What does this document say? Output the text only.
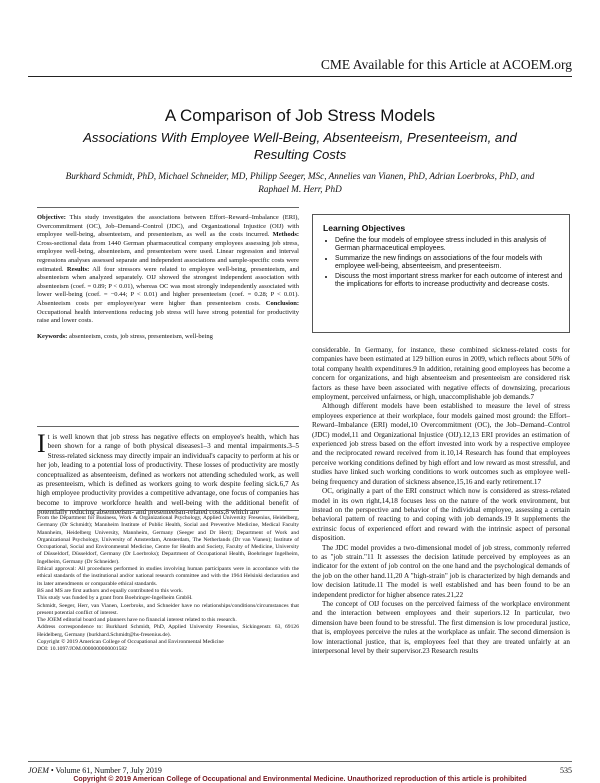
CME Available for this Article at ACOEM.org
A Comparison of Job Stress Models
Associations With Employee Well-Being, Absenteeism, Presenteeism, and Resulting Costs
Burkhard Schmidt, PhD, Michael Schneider, MD, Philipp Seeger, MSc, Annelies van Vianen, PhD, Adrian Loerbroks, PhD, and Raphael M. Herr, PhD
Objective: This study investigates the associations between Effort–Reward–Imbalance (ERI), Overcommitment (OC), Job–Demand–Control (JDC), and Organizational Injustice (OIJ) with employee well-being, absenteeism, and presenteeism, as well as the costs incurred. Methods: Cross-sectional data from 1440 German pharmaceutical company employees assessing job stress, employee well-being, absenteeism, and presenteeism were used. Linear regression and interval regressions analyses assessed separate and independent associations and sample-specific costs were estimated. Results: All four stressors were related to employee well-being, presenteeism, and absenteeism when analyzed separately. OIJ showed the strongest independent association with absenteeism (coef. = 0.89; P < 0.01), whereas OC was most strongly independently associated with lower well-being (coef. = −0.44; P < 0.01) and higher presenteeism (coef. = 0.28; P < 0.01). Absenteeism costs per employee/year were higher than presenteeism costs. Conclusion: Occupational health interventions reducing job stress will have strong potential for productivity raise and lower costs.
Keywords: absenteeism, costs, job stress, presenteeism, well-being
It is well known that job stress has negative effects on employee's health, which has been shown for a range of both physical diseases1–3 and mental impairments.3–5 Stress-related sickness may directly impair an individual's capacity to perform at his or her job, leading to a potential loss of productivity. These losses of productivity are mostly conceptualized as absenteeism, defined as workers not attending scheduled work, as well as presenteeism, which is defined as workers going to work despite feeling sick.6,7 As high employee productivity provides a competitive advantage, one focus of companies has become to improve workforce health and well-being with the additional benefit of potentially reducing absenteeism- and presenteeism-related costs,8 which are
From the Department for Business, Work & Organizational Psychology, Applied University Fresenius, Heidelberg, Germany (Dr Schmidt); Mannheim Institute of Public Health, Social and Preventive Medicine, Medical Faculty Mannheim, Heidelberg University, Mannheim, Germany (Seeger and Dr Herr); Department of Work and Organizational Psychology, University of Amsterdam, Amsterdam, The Netherlands (Dr van Vianen); Institute of Occupational, Social and Environmental Medicine, Centre for Health and Society, Faculty of Medicine, University of Düsseldorf, Düsseldorf, Germany (Dr Loerbroks); Department of Occupational Health, Boehringer Ingelheim, Ingelheim, Germany (Dr Schneider).
Ethical approval: All procedures performed in studies involving human participants were in accordance with the ethical standards of the institutional and/or national research committee and with the 1964 Helsinki declaration and its later amendments or comparable ethical standards.
BS and MS are first authors and equally contributed to this work.
This study was funded by a grant from Boehringer-Ingelheim GmbH.
Schmidt, Seeger, Herr, van Vianen, Loerbroks, and Schneider have no relationships/conditions/circumstances that present potential conflict of interest.
The JOEM editorial board and planners have no financial interest related to this research.
Address correspondence to: Burkhard Schmidt, PhD, Applied University Fresenius, Sickingenstr. 63, 69126 Heidelberg, Germany (burkhard.Schmidt@hs-fresenius.de).
Copyright © 2019 American College of Occupational and Environmental Medicine
DOI: 10.1097/JOM.0000000000001582
Learning Objectives
• Define the four models of employee stress included in this analysis of German pharmaceutical employees.
• Summarize the new findings on associations of the four models with employee well-being, absenteeism, and presenteeism.
• Discuss the most important stress marker for each outcome of interest and the implications for efforts to increase productivity and decrease costs.

considerable. In Germany, for instance, these combined sickness-related costs for companies have been estimated at 129 billion euros in 2009, which reflects about 50% of total company health expenditures.9 In addition, retaining good employees has become a concern for organizations, and high absenteeism and presenteeism are considered risk factors as these have been associated with negative effects of downsizing, precarious employment, perceived unfairness, or high, unaccomplishable job demands.7

Although different models have been established to measure the level of stress employees experience at their workplace, four models gained most ground: the Effort–Reward–Imbalance (ERI) model,10 Overcommitment (OC), the Job–Demand–Control (JDC) model,11 and Organizational Injustice (OIJ).12,13 ERI provides an estimation of experienced job stress based on the effort invested into work by a respective employee and the reciprocated reward received from it.10,14 Research has found that employees perceive working conditions defined by high effort and low reward as most stressful, and studies have linked such working conditions to work outcomes such as employee well-being frequency and duration of sickness absence,15,16 and early retirement.17

OC, originally a part of the ERI construct which now is considered as stress-related model in its own right,14,18 focuses less on the nature of the work environment, but instead on the perspective and behavior of the individual employee, assessing a certain behavioral pattern of reacting to and coping with job demands.19 It supplements the extrinsic focus of experienced effort and reward with the intrinsic aspect of personal disposition.

The JDC model provides a two-dimensional model of job stress, commonly referred to as "job strain."11 It assesses the decision latitude perceived by employees as an indicator for the extent of job control on the one hand and the psychological demands of the job on the other hand.11,20 A "high-strain" job is characterized by high demands and low decision latitude.11 The model is well established and has been found to be an independent predictor for higher absence rates.21,22

The concept of OIJ focuses on the perceived fairness of the workplace environment and the interaction between employees and their superiors.12 In particular, two dimension have been found to be stressful. The first dimension is low procedural justice, that is, employees perceive the rules at the workplace as unfair. The second dimension is low interactional justice, that is, employees feel that they are treated unfairly at an interpersonal level by their supervisor.23 Research results

JOEM • Volume 61, Number 7, July 2019	535
Copyright © 2019 American College of Occupational and Environmental Medicine. Unauthorized reproduction of this article is prohibited
